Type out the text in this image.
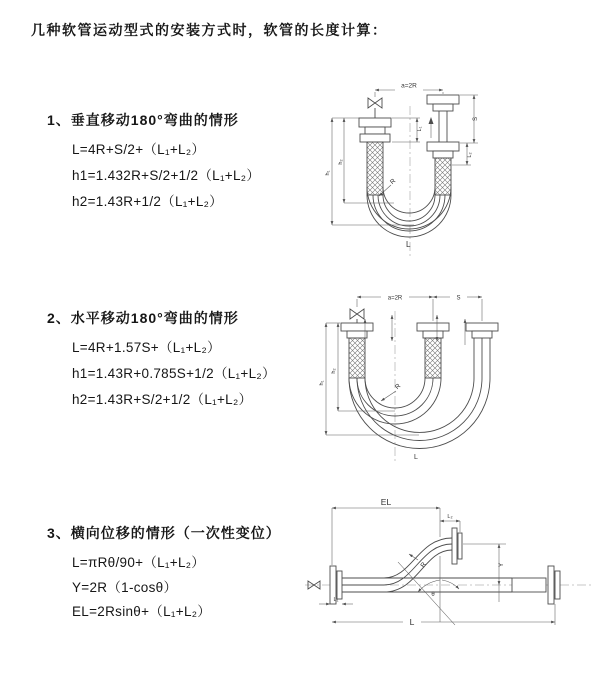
几种软管运动型式的安装方式时，软管的长度计算：
1、垂直移动180°弯曲的情形
L=4R+S/2+（L₁+L₂）
h1=1.432R+S/2+1/2（L₁+L₂）
h2=1.43R+1/2（L₁+L₂）
2、水平移动180°弯曲的情形
L=4R+1.57S+（L₁+L₂）
h1=1.43R+0.785S+1/2（L₁+L₂）
h2=1.43R+S/2+1/2（L₁+L₂）
3、横向位移的情形（一次性变位）
L=πRθ/90+（L₁+L₂）
Y=2R（1-cosθ）
EL=2Rsinθ+（L₁+L₂）
a=2R
h₁
h₂
L₁
S
L₂
R
L
a=2R	S
h₁
h₂
R
L
EL
L₂
Y
R
θ
L
L₁
